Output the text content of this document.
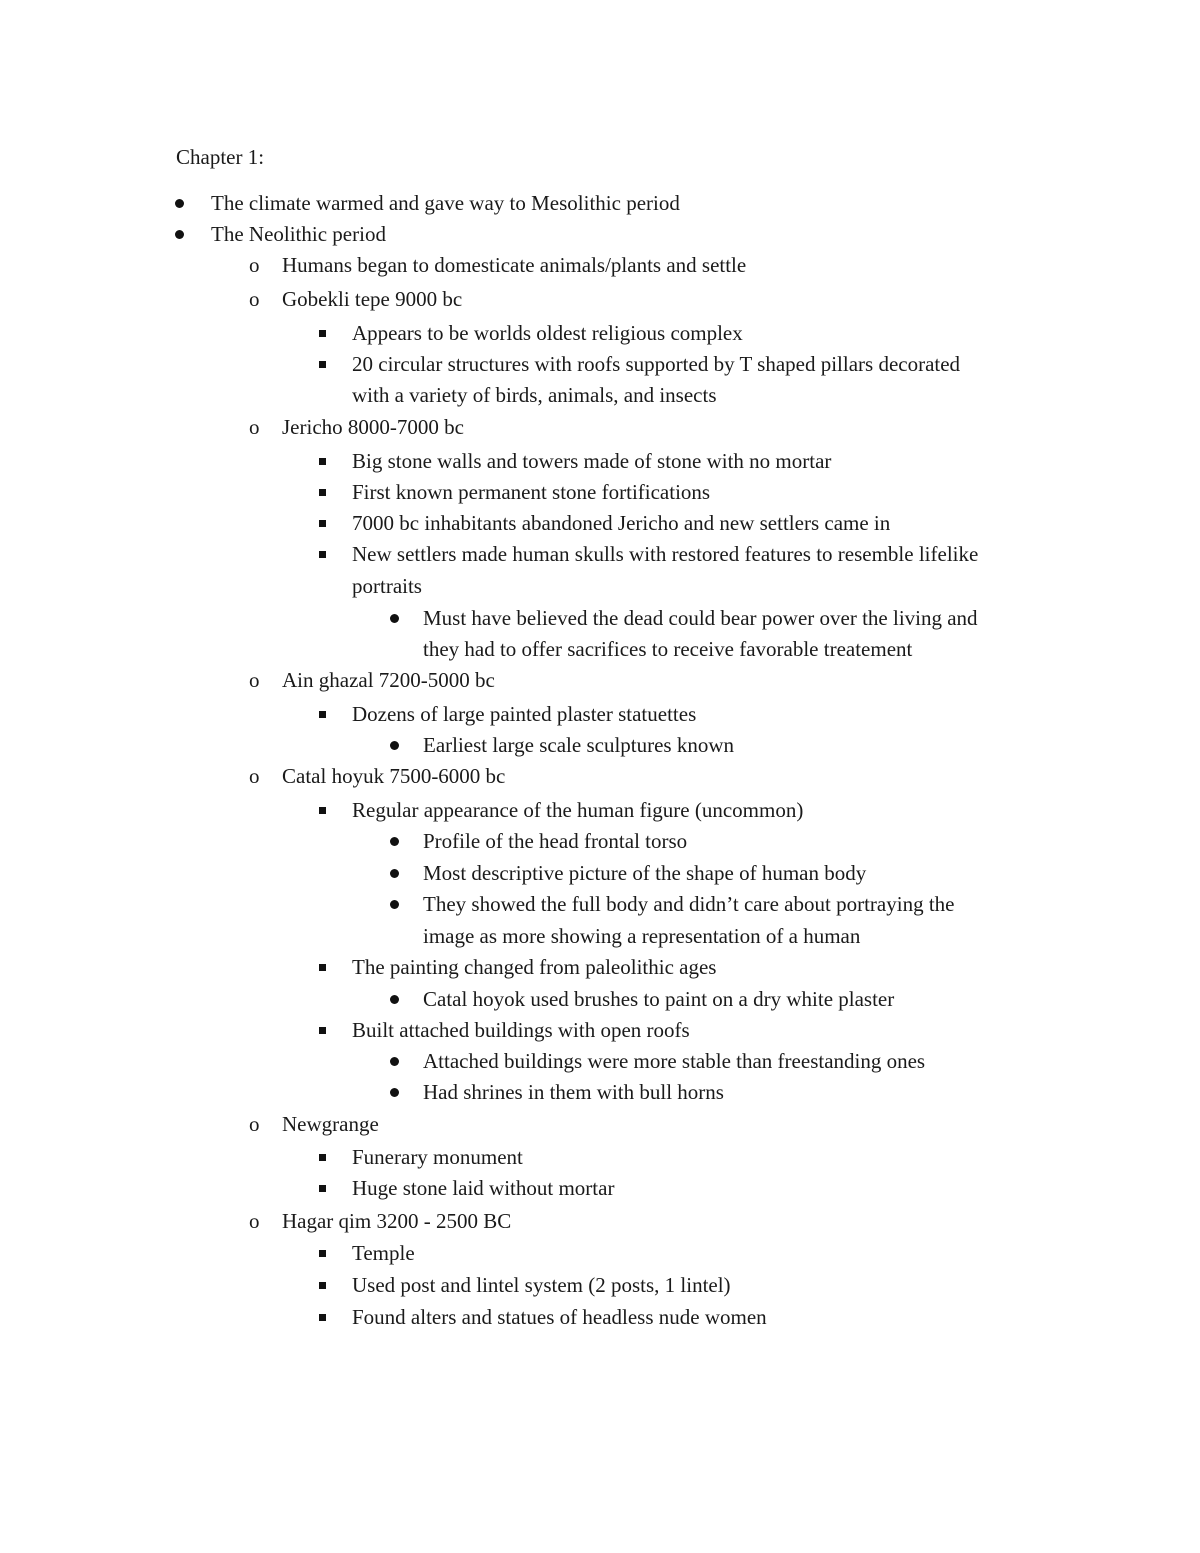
Chapter 1:
The climate warmed and gave way to Mesolithic period
The Neolithic period
o Humans began to domesticate animals/plants and settle
o Gobekli tepe 9000 bc
Appears to be worlds oldest religious complex
20 circular structures with roofs supported by T shaped pillars decorated
with a variety of birds, animals, and insects
o Jericho 8000-7000 bc
Big stone walls and towers made of stone with no mortar
First known permanent stone fortifications
7000 bc inhabitants abandoned Jericho and new settlers came in
New settlers made human skulls with restored features to resemble lifelike
portraits
Must have believed the dead could bear power over the living and
they had to offer sacrifices to receive favorable treatement
o Ain ghazal 7200-5000 bc
Dozens of large painted plaster statuettes
Earliest large scale sculptures known
o Catal hoyuk 7500-6000 bc
Regular appearance of the human figure (uncommon)
Profile of the head frontal torso
Most descriptive picture of the shape of human body
They showed the full body and didn’t care about portraying the
image as more showing a representation of a human
The painting changed from paleolithic ages
Catal hoyok used brushes to paint on a dry white plaster
Built attached buildings with open roofs
Attached buildings were more stable than freestanding ones
Had shrines in them with bull horns
o Newgrange
Funerary monument
Huge stone laid without mortar
o Hagar qim 3200 - 2500 BC
Temple
Used post and lintel system (2 posts, 1 lintel)
Found alters and statues of headless nude women
